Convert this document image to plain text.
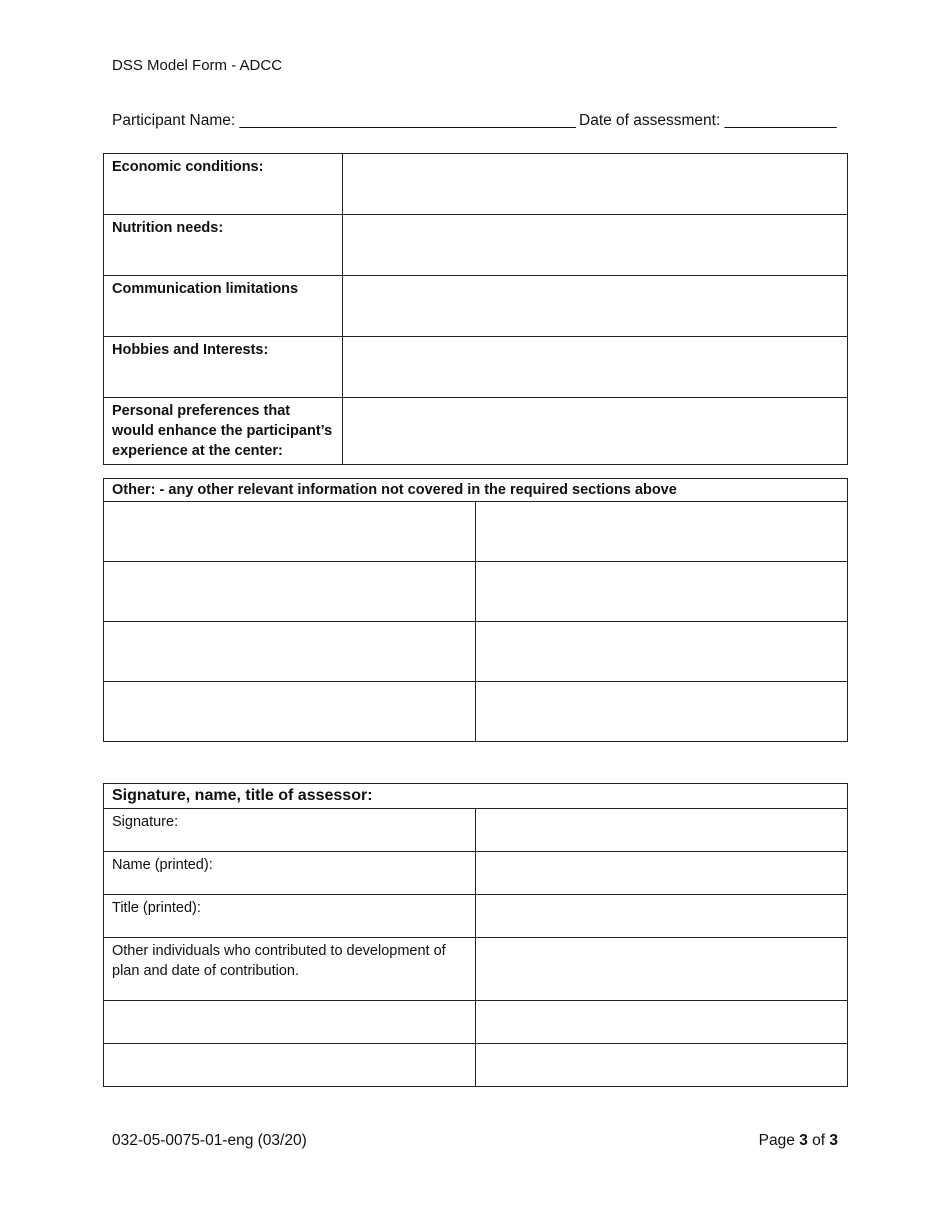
DSS Model Form - ADCC
Participant Name: _______________________________________ Date of assessment: _____________
Economic conditions:	
Nutrition needs:	
Communication limitations	
Hobbies and Interests:	
Personal preferences that would enhance the participant’s experience at the center:	
Other: - any other relevant information not covered in the required sections above	

Signature, name, title of assessor:	
Signature:	
Name (printed):	
Title (printed):	
Other individuals who contributed to development of plan and date of contribution.	

032-05-0075-01-eng (03/20)	Page 3 of 3
